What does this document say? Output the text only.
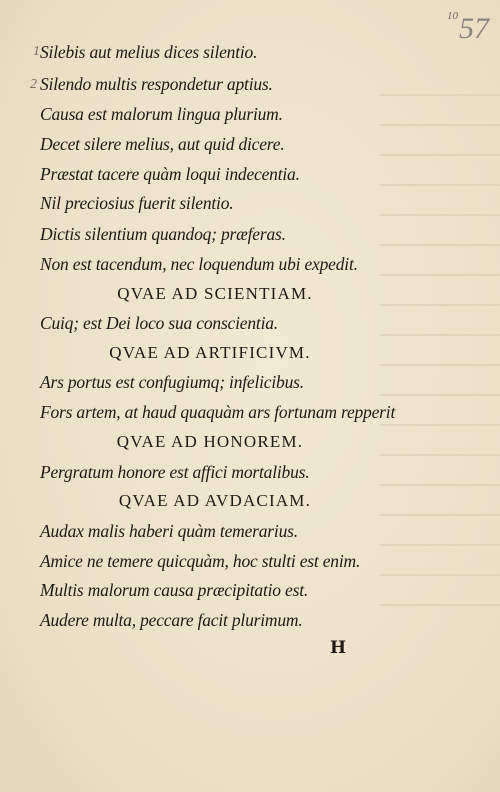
10 57
1
2
Silebis aut melius dices silentio.
Silendo multis respondetur aptius.
Causa est malorum lingua plurium.
Decet silere melius, aut quid dicere.
Præstat tacere quàm loqui indecentia.
Nil preciosius fuerit silentio.
Dictis silentium quandoq; præferas.
Non est tacendum, nec loquendum ubi expedit.
QVAE AD SCIENTIAM.
Cuiq; est Dei loco sua conscientia.
QVAE AD ARTIFICIVM.
Ars portus est confugiumq; infelicibus.
Fors artem, at haud quaquàm ars fortunam repperit
QVAE AD HONOREM.
Pergratum honore est affici mortalibus.
QVAE AD AVDACIAM.
Audax malis haberi quàm temerarius.
Amice ne temere quicquàm, hoc stulti est enim.
Multis malorum causa præcipitatio est.
Audere multa, peccare facit plurimum.
H
